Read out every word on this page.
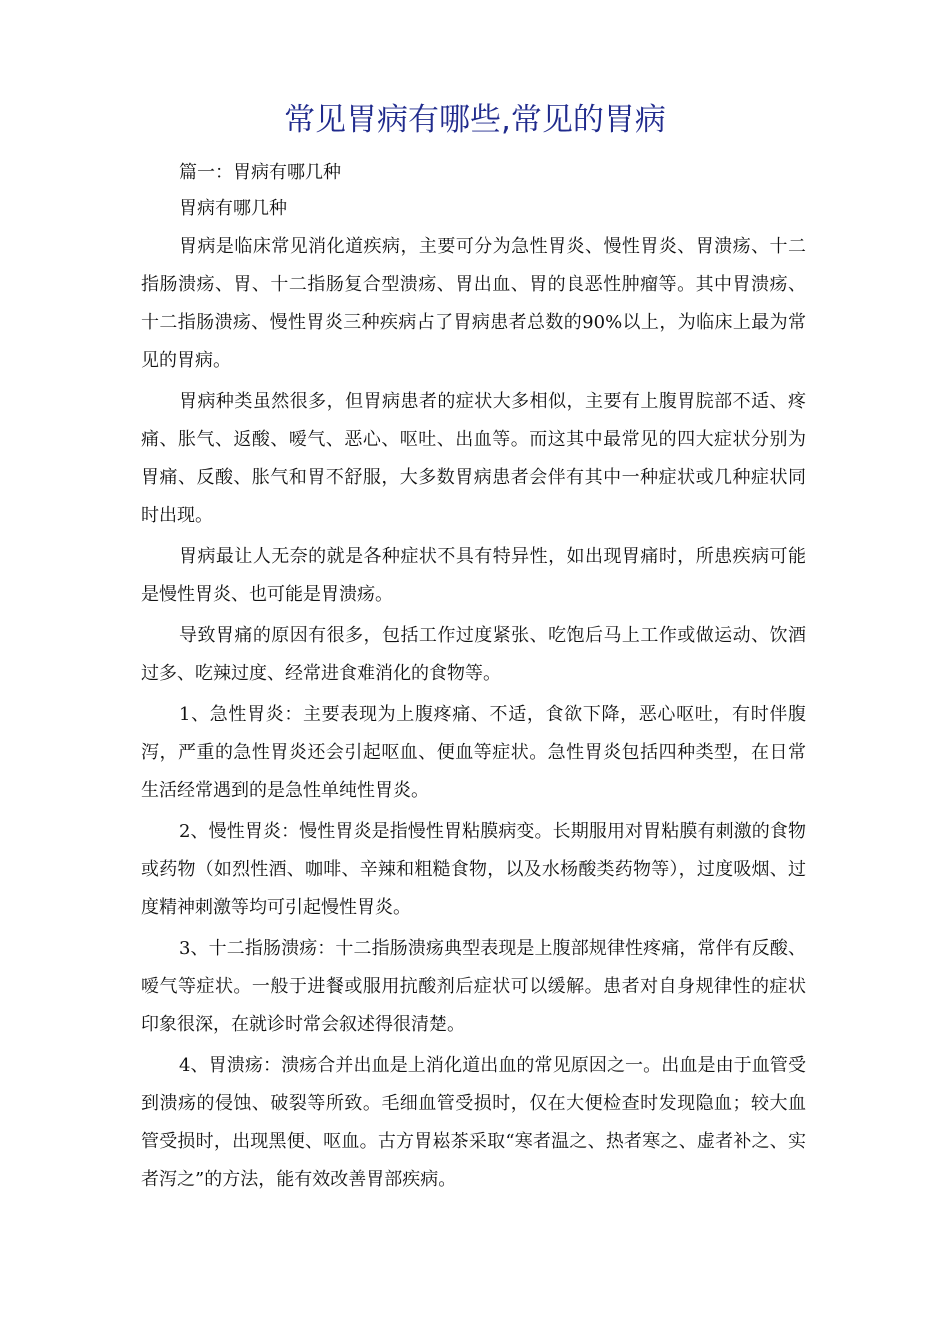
常见胃病有哪些,常见的胃病

篇一：胃病有哪几种

胃病有哪几种

胃病是临床常见消化道疾病，主要可分为急性胃炎、慢性胃炎、胃溃疡、十二指肠溃疡、胃、十二指肠复合型溃疡、胃出血、胃的良恶性肿瘤等。其中胃溃疡、十二指肠溃疡、慢性胃炎三种疾病占了胃病患者总数的90%以上，为临床上最为常见的胃病。

胃病种类虽然很多，但胃病患者的症状大多相似，主要有上腹胃脘部不适、疼痛、胀气、返酸、嗳气、恶心、呕吐、出血等。而这其中最常见的四大症状分别为胃痛、反酸、胀气和胃不舒服，大多数胃病患者会伴有其中一种症状或几种症状同时出现。

胃病最让人无奈的就是各种症状不具有特异性，如出现胃痛时，所患疾病可能是慢性胃炎、也可能是胃溃疡。

导致胃痛的原因有很多，包括工作过度紧张、吃饱后马上工作或做运动、饮酒过多、吃辣过度、经常进食难消化的食物等。

1、急性胃炎：主要表现为上腹疼痛、不适，食欲下降，恶心呕吐，有时伴腹泻，严重的急性胃炎还会引起呕血、便血等症状。急性胃炎包括四种类型，在日常生活经常遇到的是急性单纯性胃炎。

2、慢性胃炎：慢性胃炎是指慢性胃粘膜病变。长期服用对胃粘膜有刺激的食物或药物（如烈性酒、咖啡、辛辣和粗糙食物，以及水杨酸类药物等），过度吸烟、过度精神刺激等均可引起慢性胃炎。

3、十二指肠溃疡：十二指肠溃疡典型表现是上腹部规律性疼痛，常伴有反酸、嗳气等症状。一般于进餐或服用抗酸剂后症状可以缓解。患者对自身规律性的症状印象很深，在就诊时常会叙述得很清楚。

4、胃溃疡：溃疡合并出血是上消化道出血的常见原因之一。出血是由于血管受到溃疡的侵蚀、破裂等所致。毛细血管受损时，仅在大便检查时发现隐血；较大血管受损时，出现黑便、呕血。古方胃崧茶采取“寒者温之、热者寒之、虚者补之、实者泻之”的方法，能有效改善胃部疾病。
